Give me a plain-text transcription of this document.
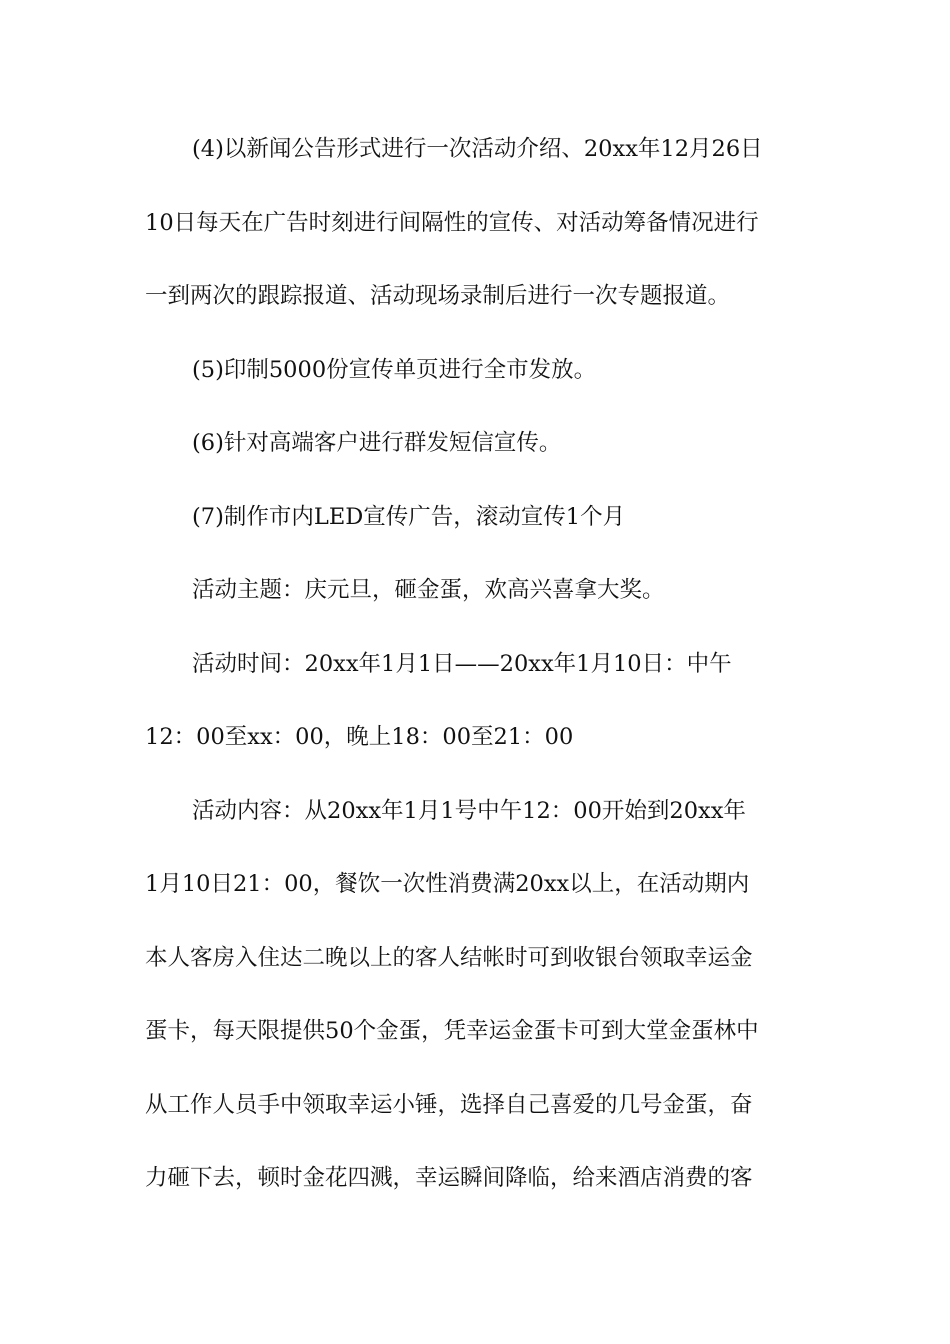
(4)以新闻公告形式进行一次活动介绍、20xx年12月26日
10日每天在广告时刻进行间隔性的宣传、对活动筹备情况进行
一到两次的跟踪报道、活动现场录制后进行一次专题报道。

(5)印制5000份宣传单页进行全市发放。

(6)针对高端客户进行群发短信宣传。

(7)制作市内LED宣传广告，滚动宣传1个月

活动主题：庆元旦，砸金蛋，欢高兴喜拿大奖。

活动时间：20xx年1月1日——20xx年1月10日：中午
12：00至xx：00，晚上18：00至21：00

活动内容：从20xx年1月1号中午12：00开始到20xx年
1月10日21：00，餐饮一次性消费满20xx以上，在活动期内
本人客房入住达二晚以上的客人结帐时可到收银台领取幸运金
蛋卡，每天限提供50个金蛋，凭幸运金蛋卡可到大堂金蛋林中
从工作人员手中领取幸运小锤，选择自己喜爱的几号金蛋，奋
力砸下去，顿时金花四溅，幸运瞬间降临，给来酒店消费的客
